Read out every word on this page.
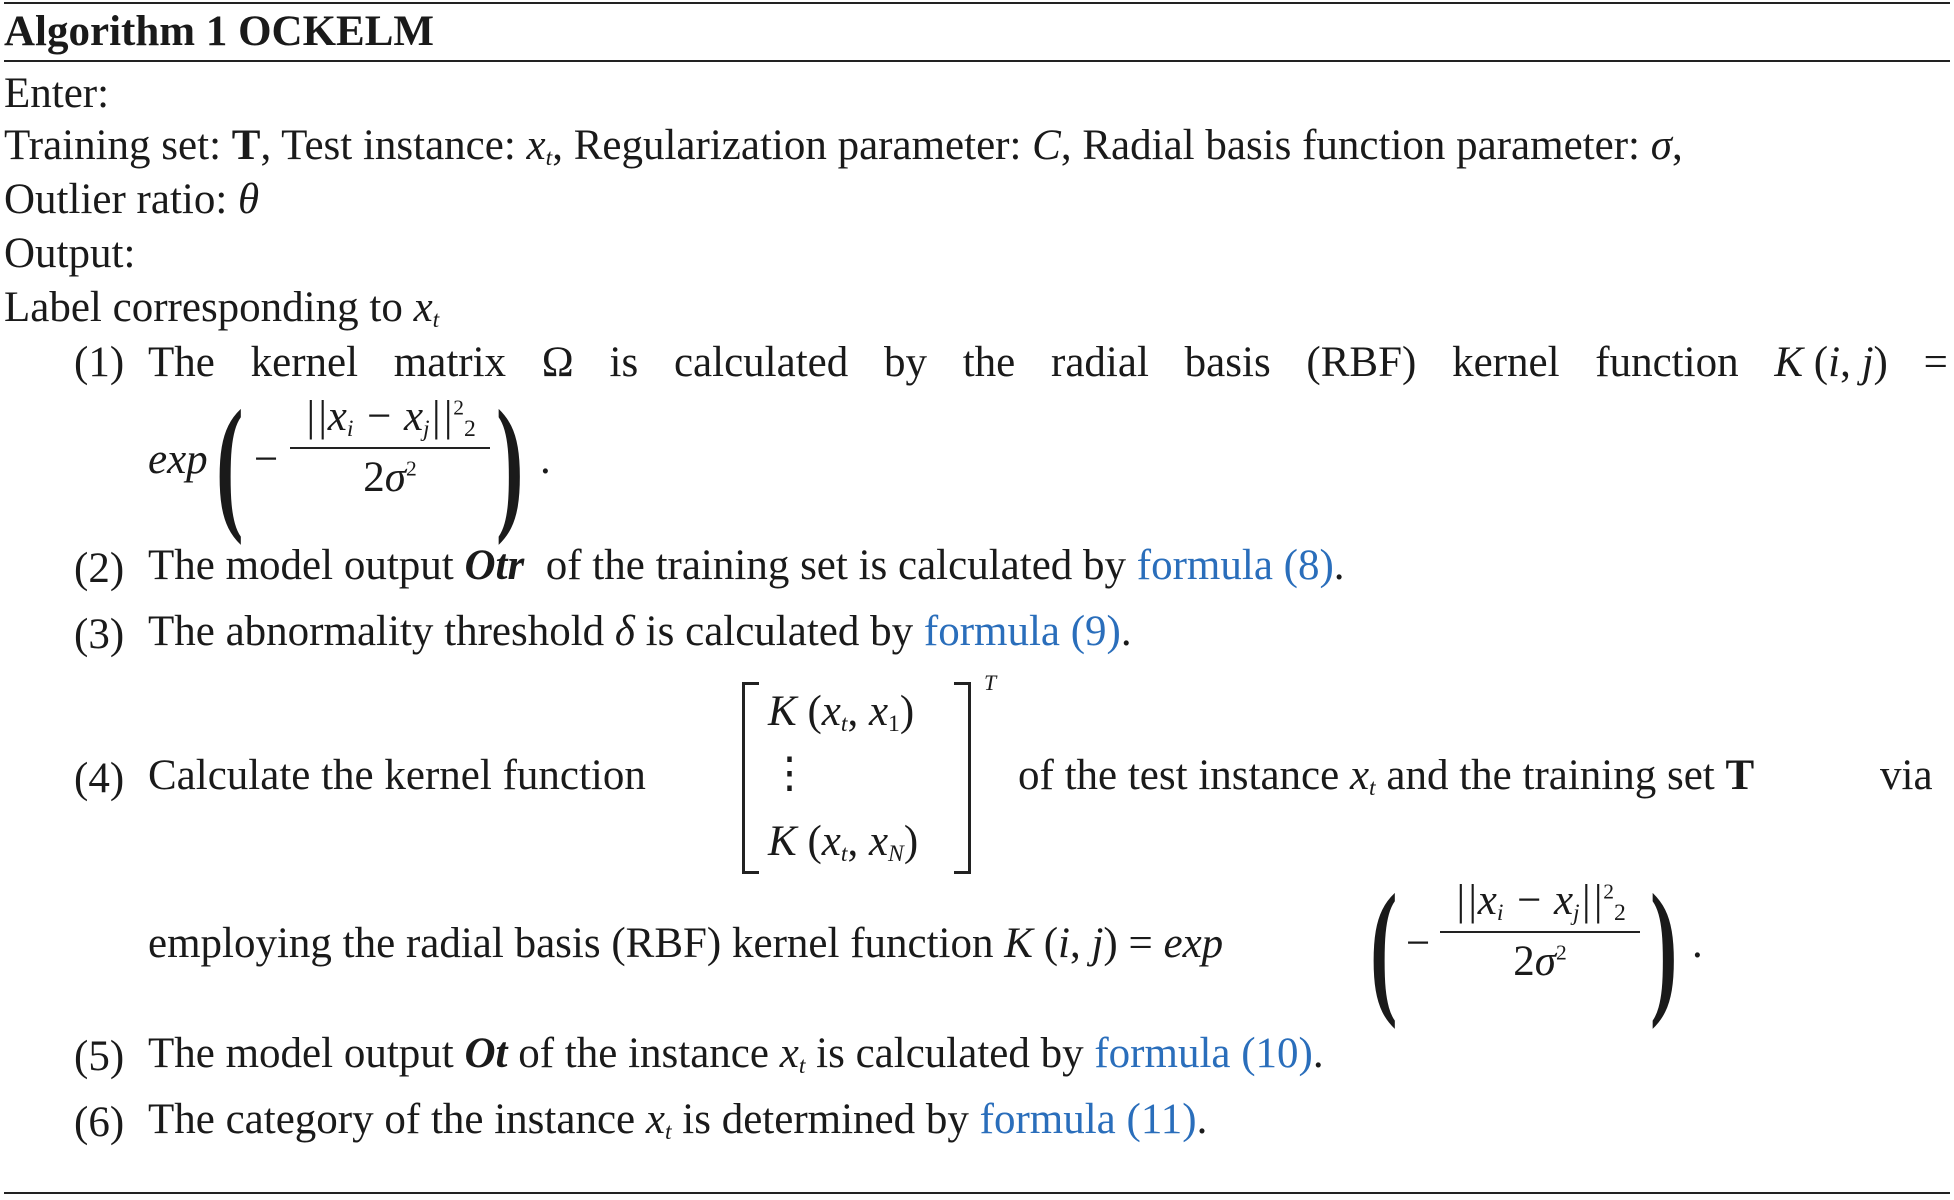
Algorithm 1 OCKELM
Enter:
Training set: T, Test instance: $x_t$, Regularization parameter: C, Radial basis function parameter: σ,
Outlier ratio: θ
Output:
Label corresponding to $x_t$
(1) The kernel matrix Ω is calculated by the radial basis (RBF) kernel function K (i, j) =
exp ( −
$||x_i - x_j||^2_2$
$2\sigma^2$ ) .
(2) The model output Otr of the training set is calculated by formula (8).
(3) The abnormality threshold δ is calculated by formula (9).
(4) Calculate the kernel function
K ($x_t$, $x_1$)
⋮
K ($x_t$, $x_N$)
T
of the test instance $x_t$ and the training set T	via
employing the radial basis (RBF) kernel function K (i, j) = exp ( −
$||x_i - x_j||^2_2$
$2\sigma^2$ ) .
(5) The model output Ot of the instance $x_t$ is calculated by formula (10).
(6) The category of the instance $x_t$ is determined by formula (11).
